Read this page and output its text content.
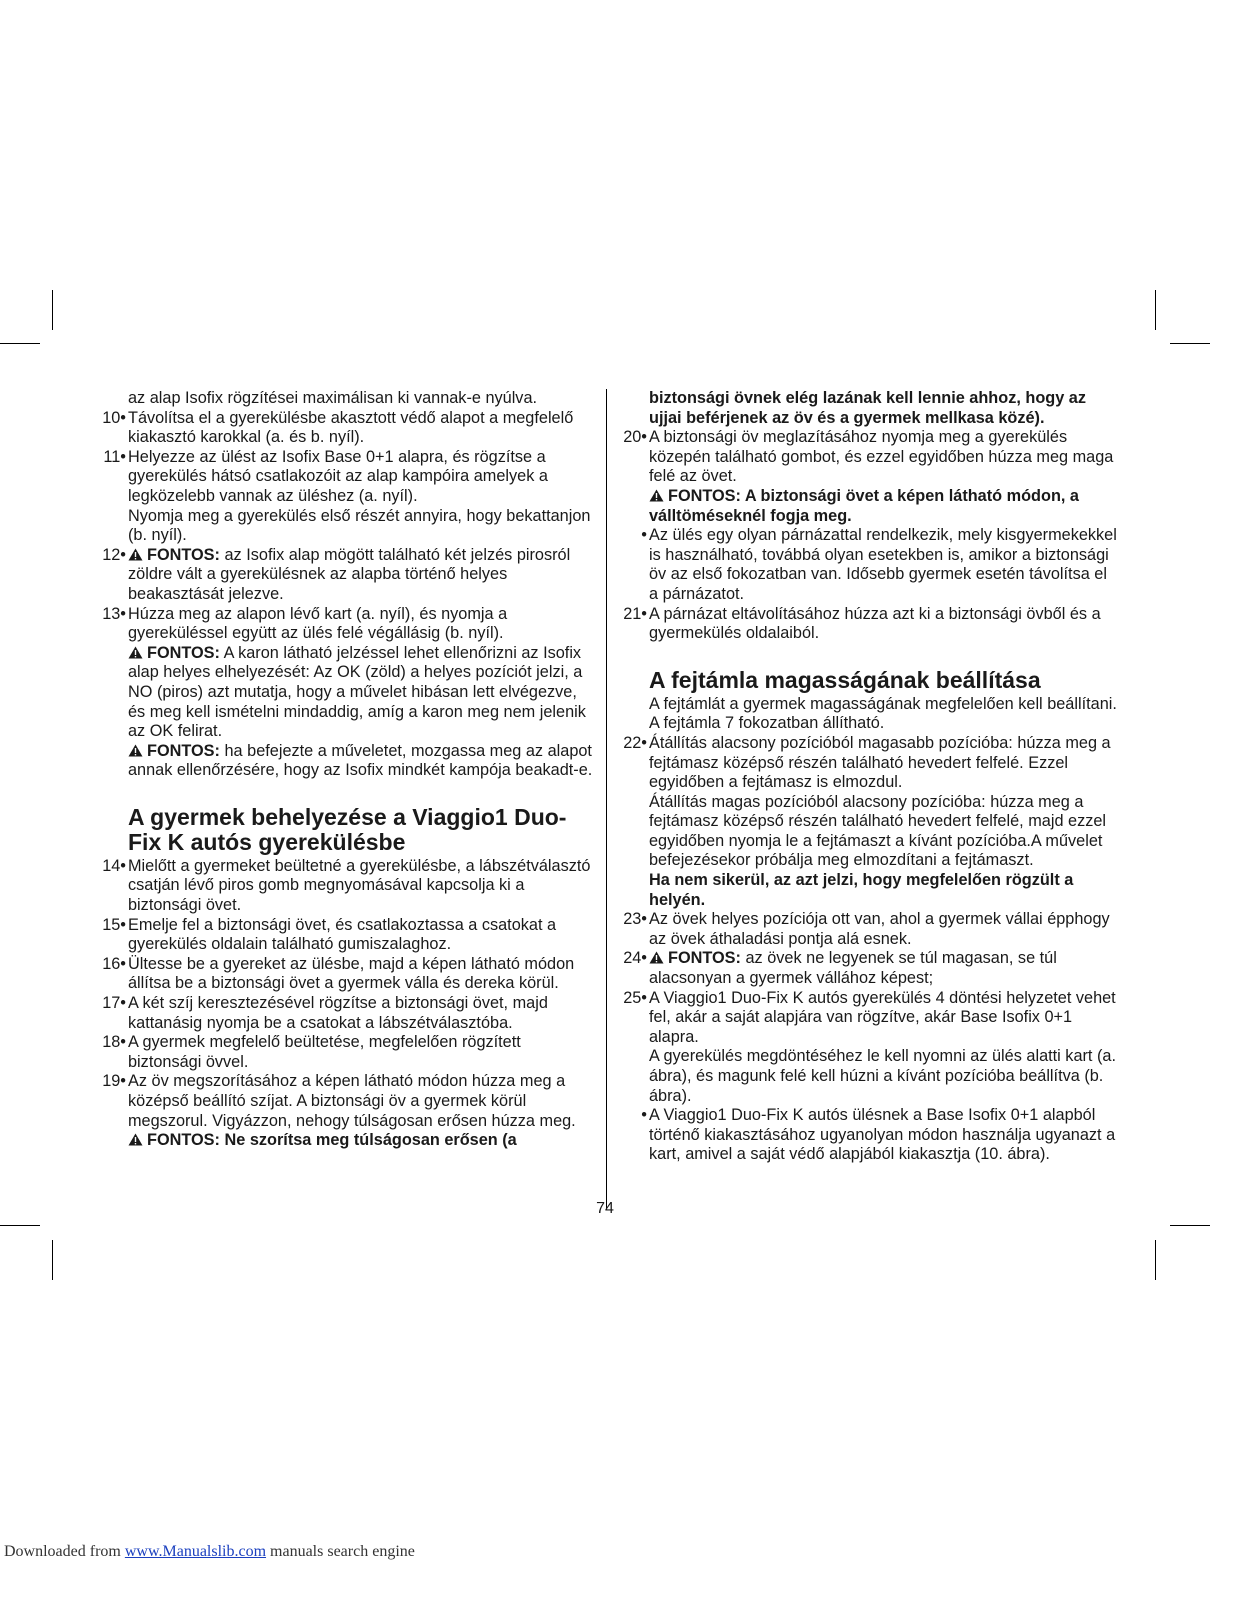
az alap Isofix rögzítései maximálisan ki vannak-e nyúlva.

10• Távolítsa el a gyerekülésbe akasztott védő alapot a megfelelő kiakasztó karokkal (a. és b. nyíl).
11• Helyezze az ülést az Isofix Base 0+1 alapra, és rögzítse a gyerekülés hátsó csatlakozóit az alap kampóira amelyek a legközelebb vannak az üléshez (a. nyíl).

Nyomja meg a gyerekülés első részét annyira, hogy bekattanjon (b. nyíl).

12• FONTOS: az Isofix alap mögött található két jelzés pirosról zöldre vált a gyerekülésnek az alapba történő helyes beakasztását jelezve.
13• Húzza meg az alapon lévő kart (a. nyíl), és nyomja a gyereküléssel együtt az ülés felé végállásig (b. nyíl).

FONTOS: A karon látható jelzéssel lehet ellenőrizni az Isofix alap helyes elhelyezését: Az OK (zöld) a helyes pozíciót jelzi, a NO (piros) azt mutatja, hogy a művelet hibásan lett elvégezve, és meg kell ismételni mindaddig, amíg a karon meg nem jelenik az OK felirat.

FONTOS: ha befejezte a műveletet, mozgassa meg az alapot annak ellenőrzésére, hogy az Isofix mindkét kampója beakadt-e.

A gyermek behelyezése a Viaggio1 Duo-Fix K autós gyerekülésbe
14• Mielőtt a gyermeket beültetné a gyerekülésbe, a lábszétválasztó csatján lévő piros gomb megnyomásával kapcsolja ki a biztonsági övet.
15• Emelje fel a biztonsági övet, és csatlakoztassa a csatokat a gyerekülés oldalain található gumiszalaghoz.
16• Ültesse be a gyereket az ülésbe, majd a képen látható módon állítsa be a biztonsági övet a gyermek válla és dereka körül.
17• A két szíj keresztezésével rögzítse a biztonsági övet, majd kattanásig nyomja be a csatokat a lábszétválasztóba.
18• A gyermek megfelelő beültetése, megfelelően rögzített biztonsági övvel.
19• Az öv megszorításához a képen látható módon húzza meg a középső beállító szíjat. A biztonsági öv a gyermek körül megszorul. Vigyázzon, nehogy túlságosan erősen húzza meg.

FONTOS: Ne szorítsa meg túlságosan erősen (a

biztonsági övnek elég lazának kell lennie ahhoz, hogy az ujjai beférjenek az öv és a gyermek mellkasa közé).

20• A biztonsági öv meglazításához nyomja meg a gyerekülés közepén található gombot, és ezzel egyidőben húzza meg maga felé az övet.

FONTOS: A biztonsági övet a képen látható módon, a válltöméseknél fogja meg.

• Az ülés egy olyan párnázattal rendelkezik, mely kisgyermekekkel is használható, továbbá olyan esetekben is, amikor a biztonsági öv az első fokozatban van. Idősebb gyermek esetén távolítsa el a párnázatot.
21• A párnázat eltávolításához húzza azt ki a biztonsági övből és a gyermekülés oldalaiból.
A fejtámla magasságának beállítása

A fejtámlát a gyermek magasságának megfelelően kell beállítani. A fejtámla 7 fokozatban állítható.

22• Átállítás alacsony pozícióból magasabb pozícióba: húzza meg a fejtámasz középső részén található hevedert felfelé. Ezzel egyidőben a fejtámasz is elmozdul.

Átállítás magas pozícióból alacsony pozícióba: húzza meg a fejtámasz középső részén található hevedert felfelé, majd ezzel egyidőben nyomja le a fejtámaszt a kívánt pozícióba.A művelet befejezésekor próbálja meg elmozdítani a fejtámaszt.

Ha nem sikerül, az azt jelzi, hogy megfelelően rögzült a helyén.

23• Az övek helyes pozíciója ott van, ahol a gyermek vállai épphogy az övek áthaladási pontja alá esnek.
24• FONTOS: az övek ne legyenek se túl magasan, se túl alacsonyan a gyermek vállához képest;
25• A Viaggio1 Duo-Fix K autós gyerekülés 4 döntési helyzetet vehet fel, akár a saját alapjára van rögzítve, akár Base Isofix 0+1 alapra.

A gyerekülés megdöntéséhez le kell nyomni az ülés alatti kart (a. ábra), és magunk felé kell húzni a kívánt pozícióba beállítva (b. ábra).

• A Viaggio1 Duo-Fix K autós ülésnek a Base Isofix 0+1 alapból történő kiakasztásához ugyanolyan módon használja ugyanazt a kart, amivel a saját védő alapjából kiakasztja (10. ábra).
74
Downloaded from www.Manualslib.com manuals search engine
